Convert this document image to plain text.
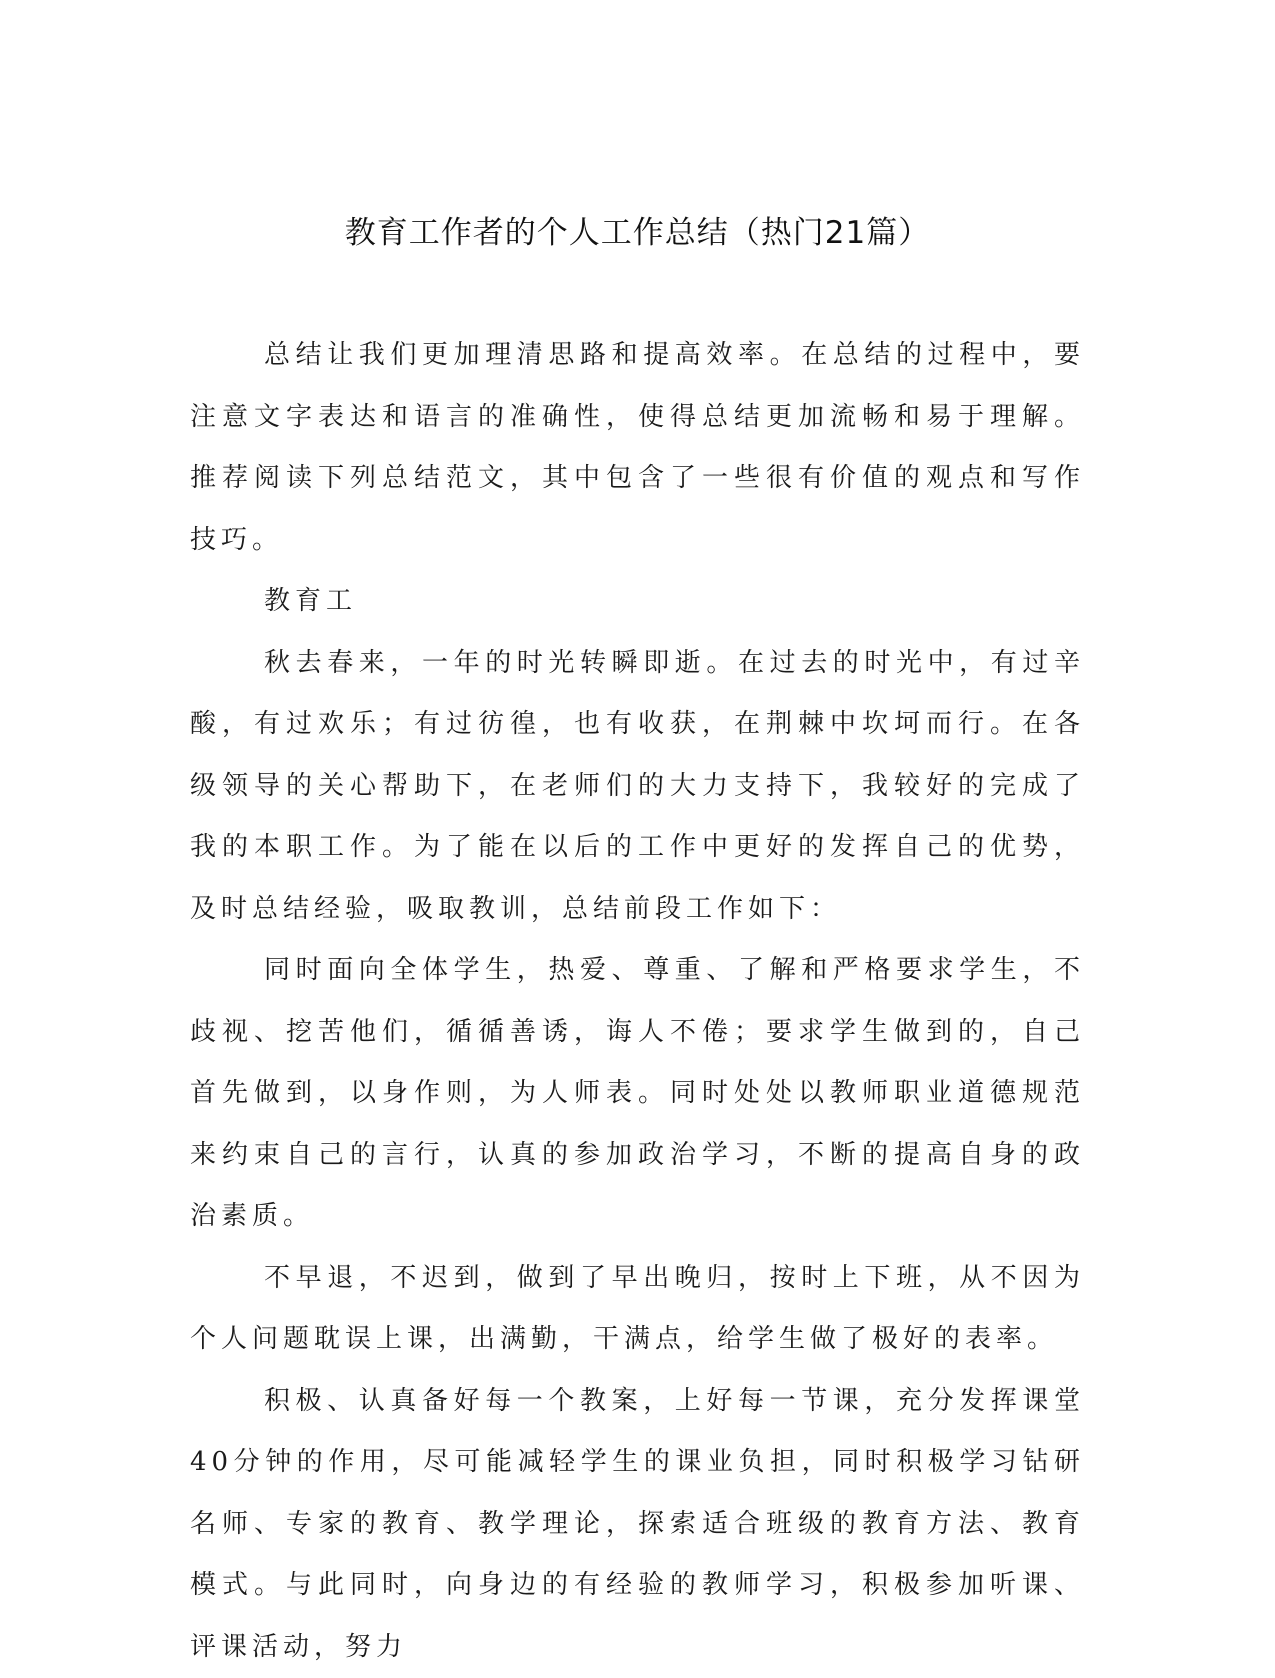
教育工作者的个人工作总结（热门21篇）

总结让我们更加理清思路和提高效率。在总结的过程中，要注意文字表达和语言的准确性，使得总结更加流畅和易于理解。推荐阅读下列总结范文，其中包含了一些很有价值的观点和写作技巧。

教育工

秋去春来，一年的时光转瞬即逝。在过去的时光中，有过辛酸，有过欢乐；有过彷徨，也有收获，在荆棘中坎坷而行。在各级领导的关心帮助下，在老师们的大力支持下，我较好的完成了我的本职工作。为了能在以后的工作中更好的发挥自己的优势，及时总结经验，吸取教训，总结前段工作如下：

同时面向全体学生，热爱、尊重、了解和严格要求学生，不歧视、挖苦他们，循循善诱，诲人不倦；要求学生做到的，自己首先做到，以身作则，为人师表。同时处处以教师职业道德规范来约束自己的言行，认真的参加政治学习，不断的提高自身的政治素质。

不早退，不迟到，做到了早出晚归，按时上下班，从不因为个人问题耽误上课，出满勤，干满点，给学生做了极好的表率。

积极、认真备好每一个教案，上好每一节课，充分发挥课堂40分钟的作用，尽可能减轻学生的课业负担，同时积极学习钻研名师、专家的教育、教学理论，探索适合班级的教育方法、教育模式。与此同时，向身边的有经验的教师学习，积极参加听课、评课活动，努力
